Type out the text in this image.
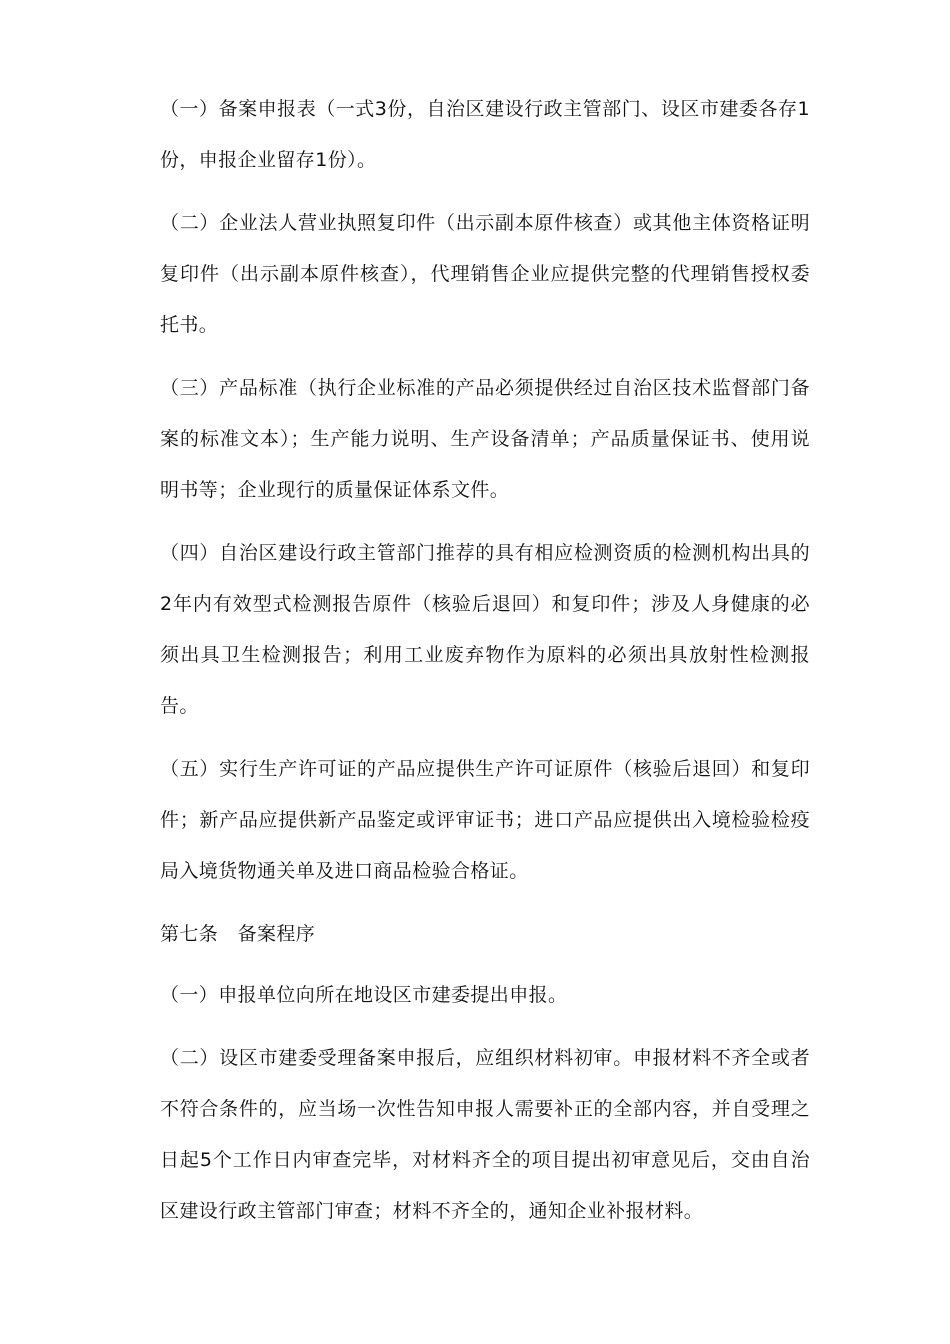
（一）备案申报表（一式3份，自治区建设行政主管部门、设区市建委各存1份，申报企业留存1份）。

（二）企业法人营业执照复印件（出示副本原件核查）或其他主体资格证明复印件（出示副本原件核查），代理销售企业应提供完整的代理销售授权委托书。

（三）产品标准（执行企业标准的产品必须提供经过自治区技术监督部门备案的标准文本）；生产能力说明、生产设备清单；产品质量保证书、使用说明书等；企业现行的质量保证体系文件。

（四）自治区建设行政主管部门推荐的具有相应检测资质的检测机构出具的2年内有效型式检测报告原件（核验后退回）和复印件；涉及人身健康的必须出具卫生检测报告；利用工业废弃物作为原料的必须出具放射性检测报告。

（五）实行生产许可证的产品应提供生产许可证原件（核验后退回）和复印件；新产品应提供新产品鉴定或评审证书；进口产品应提供出入境检验检疫局入境货物通关单及进口商品检验合格证。

第七条　备案程序

（一）申报单位向所在地设区市建委提出申报。

（二）设区市建委受理备案申报后，应组织材料初审。申报材料不齐全或者不符合条件的，应当场一次性告知申报人需要补正的全部内容，并自受理之日起5个工作日内审查完毕，对材料齐全的项目提出初审意见后，交由自治区建设行政主管部门审查；材料不齐全的，通知企业补报材料。
